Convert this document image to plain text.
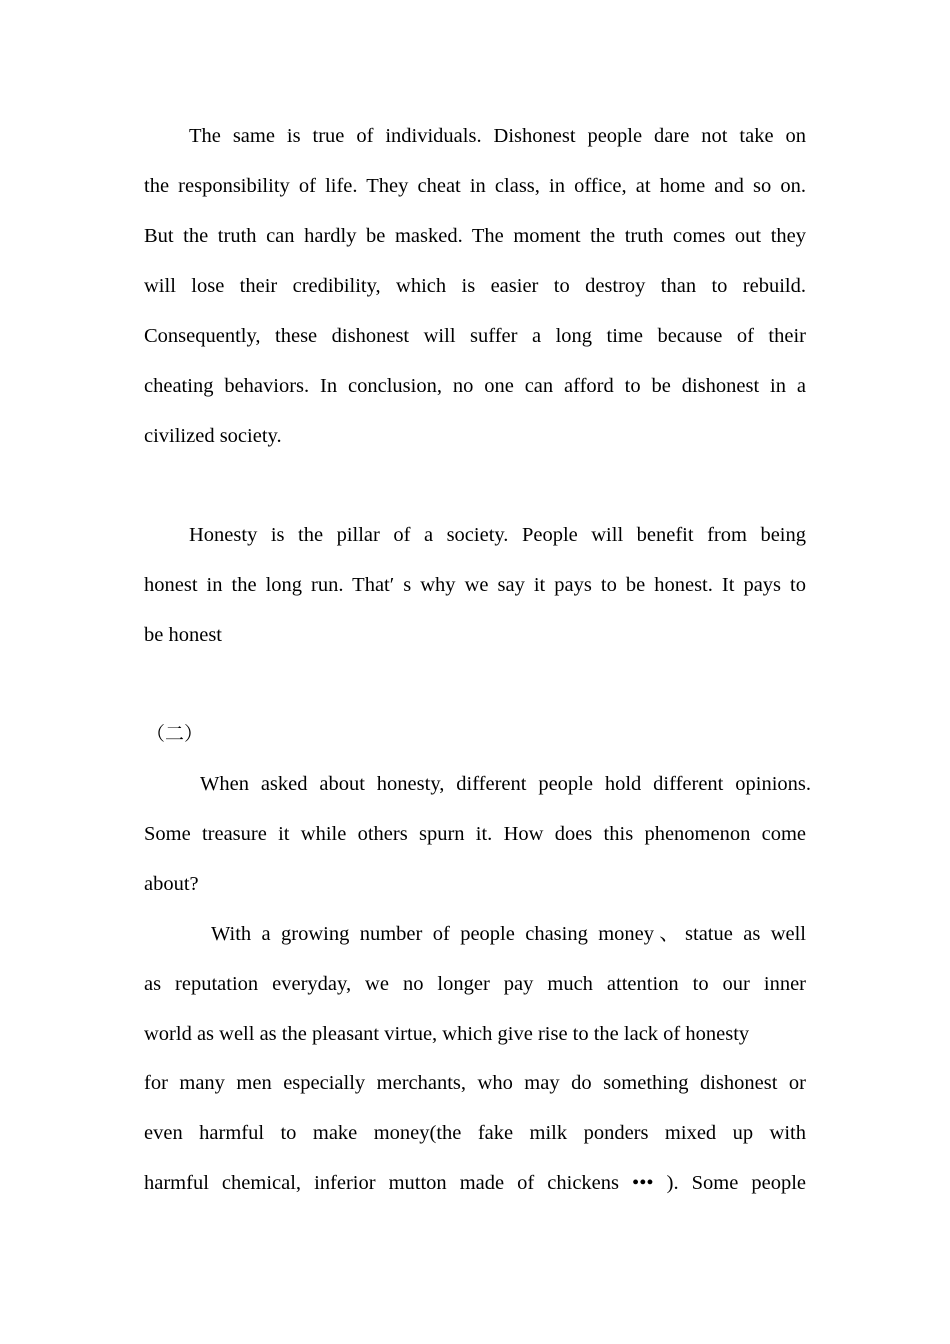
The same is true of individuals. Dishonest people dare not take on
the responsibility of life. They cheat in class, in office, at home and so on.
But the truth can hardly be masked. The moment the truth comes out they
will lose their credibility, which is easier to destroy than to rebuild.
Consequently, these dishonest will suffer a long time because of their
cheating behaviors. In conclusion, no one can afford to be dishonest in a
civilized society.
Honesty is the pillar of a society. People will benefit from being
honest in the long run. That′ s why we say it pays to be honest. It pays to
be honest
（二）
When asked about honesty, different people hold different opinions.
Some treasure it while others spurn it. How does this phenomenon come
about?
With a growing number of people chasing money、statue as well
as reputation everyday, we no longer pay much attention to our inner
world as well as the pleasant virtue, which give rise to the lack of honesty
for many men especially merchants, who may do something dishonest or
even harmful to make money(the fake milk ponders mixed up with
harmful chemical, inferior mutton made of chickens ••• ). Some people
